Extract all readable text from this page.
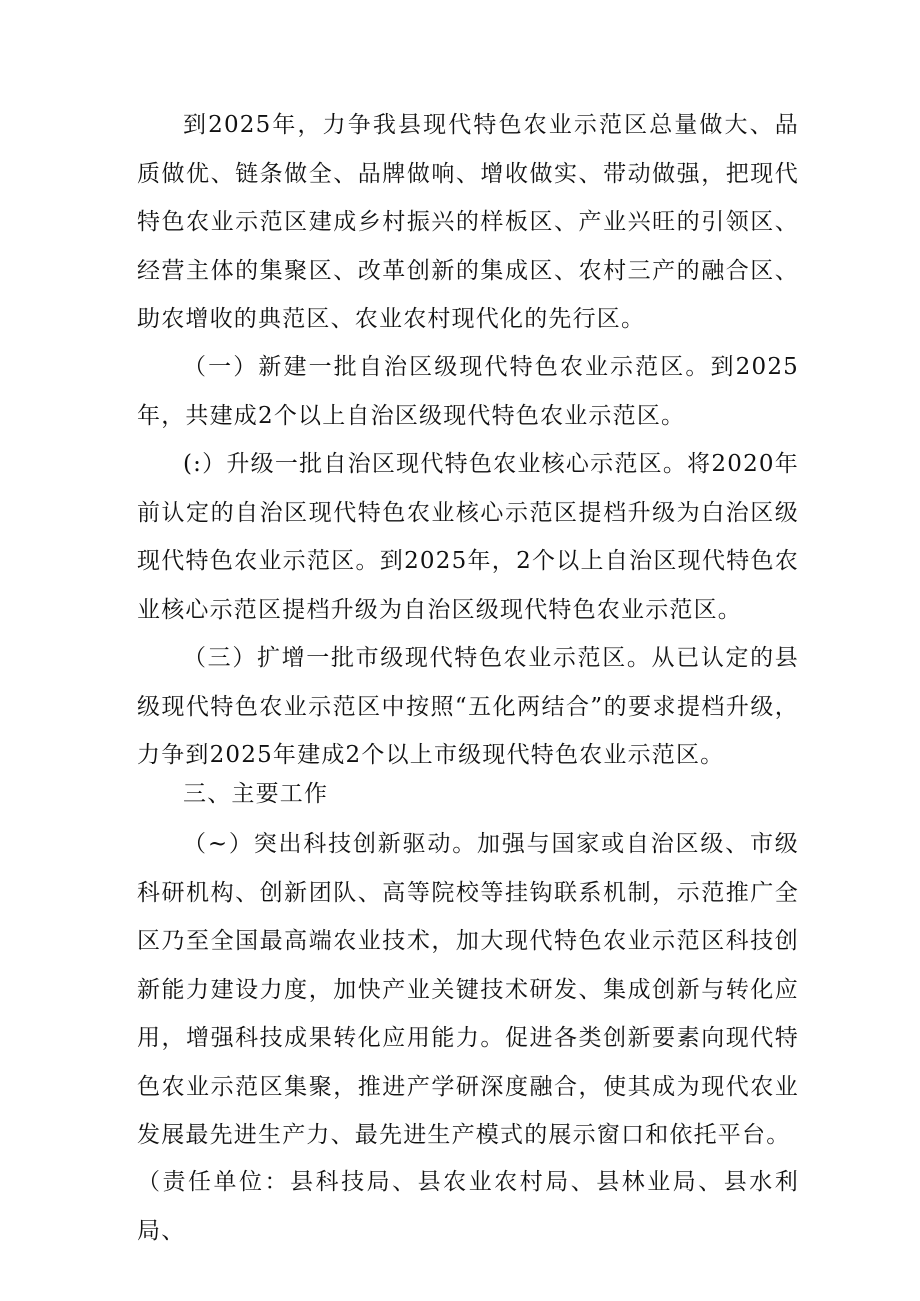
到2025年，力争我县现代特色农业示范区总量做大、品质做优、链条做全、品牌做响、增收做实、带动做强，把现代特色农业示范区建成乡村振兴的样板区、产业兴旺的引领区、经营主体的集聚区、改革创新的集成区、农村三产的融合区、助农增收的典范区、农业农村现代化的先行区。

（一）新建一批自治区级现代特色农业示范区。到2025年，共建成2个以上自治区级现代特色农业示范区。

(:）升级一批自治区现代特色农业核心示范区。将2020年前认定的自治区现代特色农业核心示范区提档升级为白治区级现代特色农业示范区。到2025年，2个以上自治区现代特色农业核心示范区提档升级为自治区级现代特色农业示范区。

（三）扩增一批市级现代特色农业示范区。从已认定的县级现代特色农业示范区中按照“五化两结合”的要求提档升级，力争到2025年建成2个以上市级现代特色农业示范区。

三、主要工作

（~）突出科技创新驱动。加强与国家或自治区级、市级科研机构、创新团队、高等院校等挂钩联系机制，示范推广全区乃至全国最高端农业技术，加大现代特色农业示范区科技创新能力建设力度，加快产业关键技术研发、集成创新与转化应用，增强科技成果转化应用能力。促进各类创新要素向现代特色农业示范区集聚，推进产学研深度融合，使其成为现代农业发展最先进生产力、最先进生产模式的展示窗口和依托平台。

（责任单位：县科技局、县农业农村局、县林业局、县水利局、
